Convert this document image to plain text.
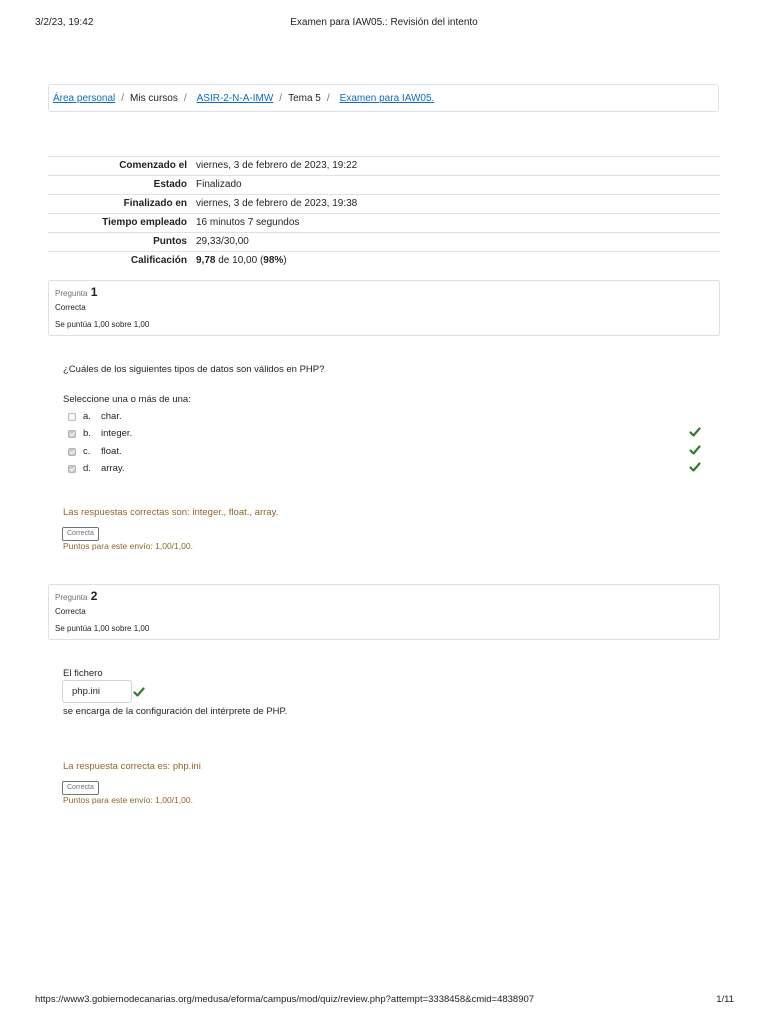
3/2/23, 19:42	Examen para IAW05.: Revisión del intento
Área personal / Mis cursos / ASIR-2-N-A-IMW / Tema 5 / Examen para IAW05.
Comenzado el	viernes, 3 de febrero de 2023, 19:22
Estado	Finalizado
Finalizado en	viernes, 3 de febrero de 2023, 19:38
Tiempo empleado	16 minutos 7 segundos
Puntos	29,33/30,00
Calificación	9,78 de 10,00 (98%)
Pregunta 1
Correcta
Se puntúa 1,00 sobre 1,00
¿Cuáles de los siguientes tipos de datos son válidos en PHP?
Seleccione una o más de una:
a. char.
b. integer.
c. float.
d. array.
Las respuestas correctas son: integer., float., array.
Correcta
Puntos para este envío: 1,00/1,00.
Pregunta 2
Correcta
Se puntúa 1,00 sobre 1,00
El fichero
php.ini
se encarga de la configuración del intérprete de PHP.
La respuesta correcta es: php.ini
Correcta
Puntos para este envío: 1,00/1,00.
https://www3.gobiernodecanarias.org/medusa/eforma/campus/mod/quiz/review.php?attempt=3338458&cmid=4838907	1/11
